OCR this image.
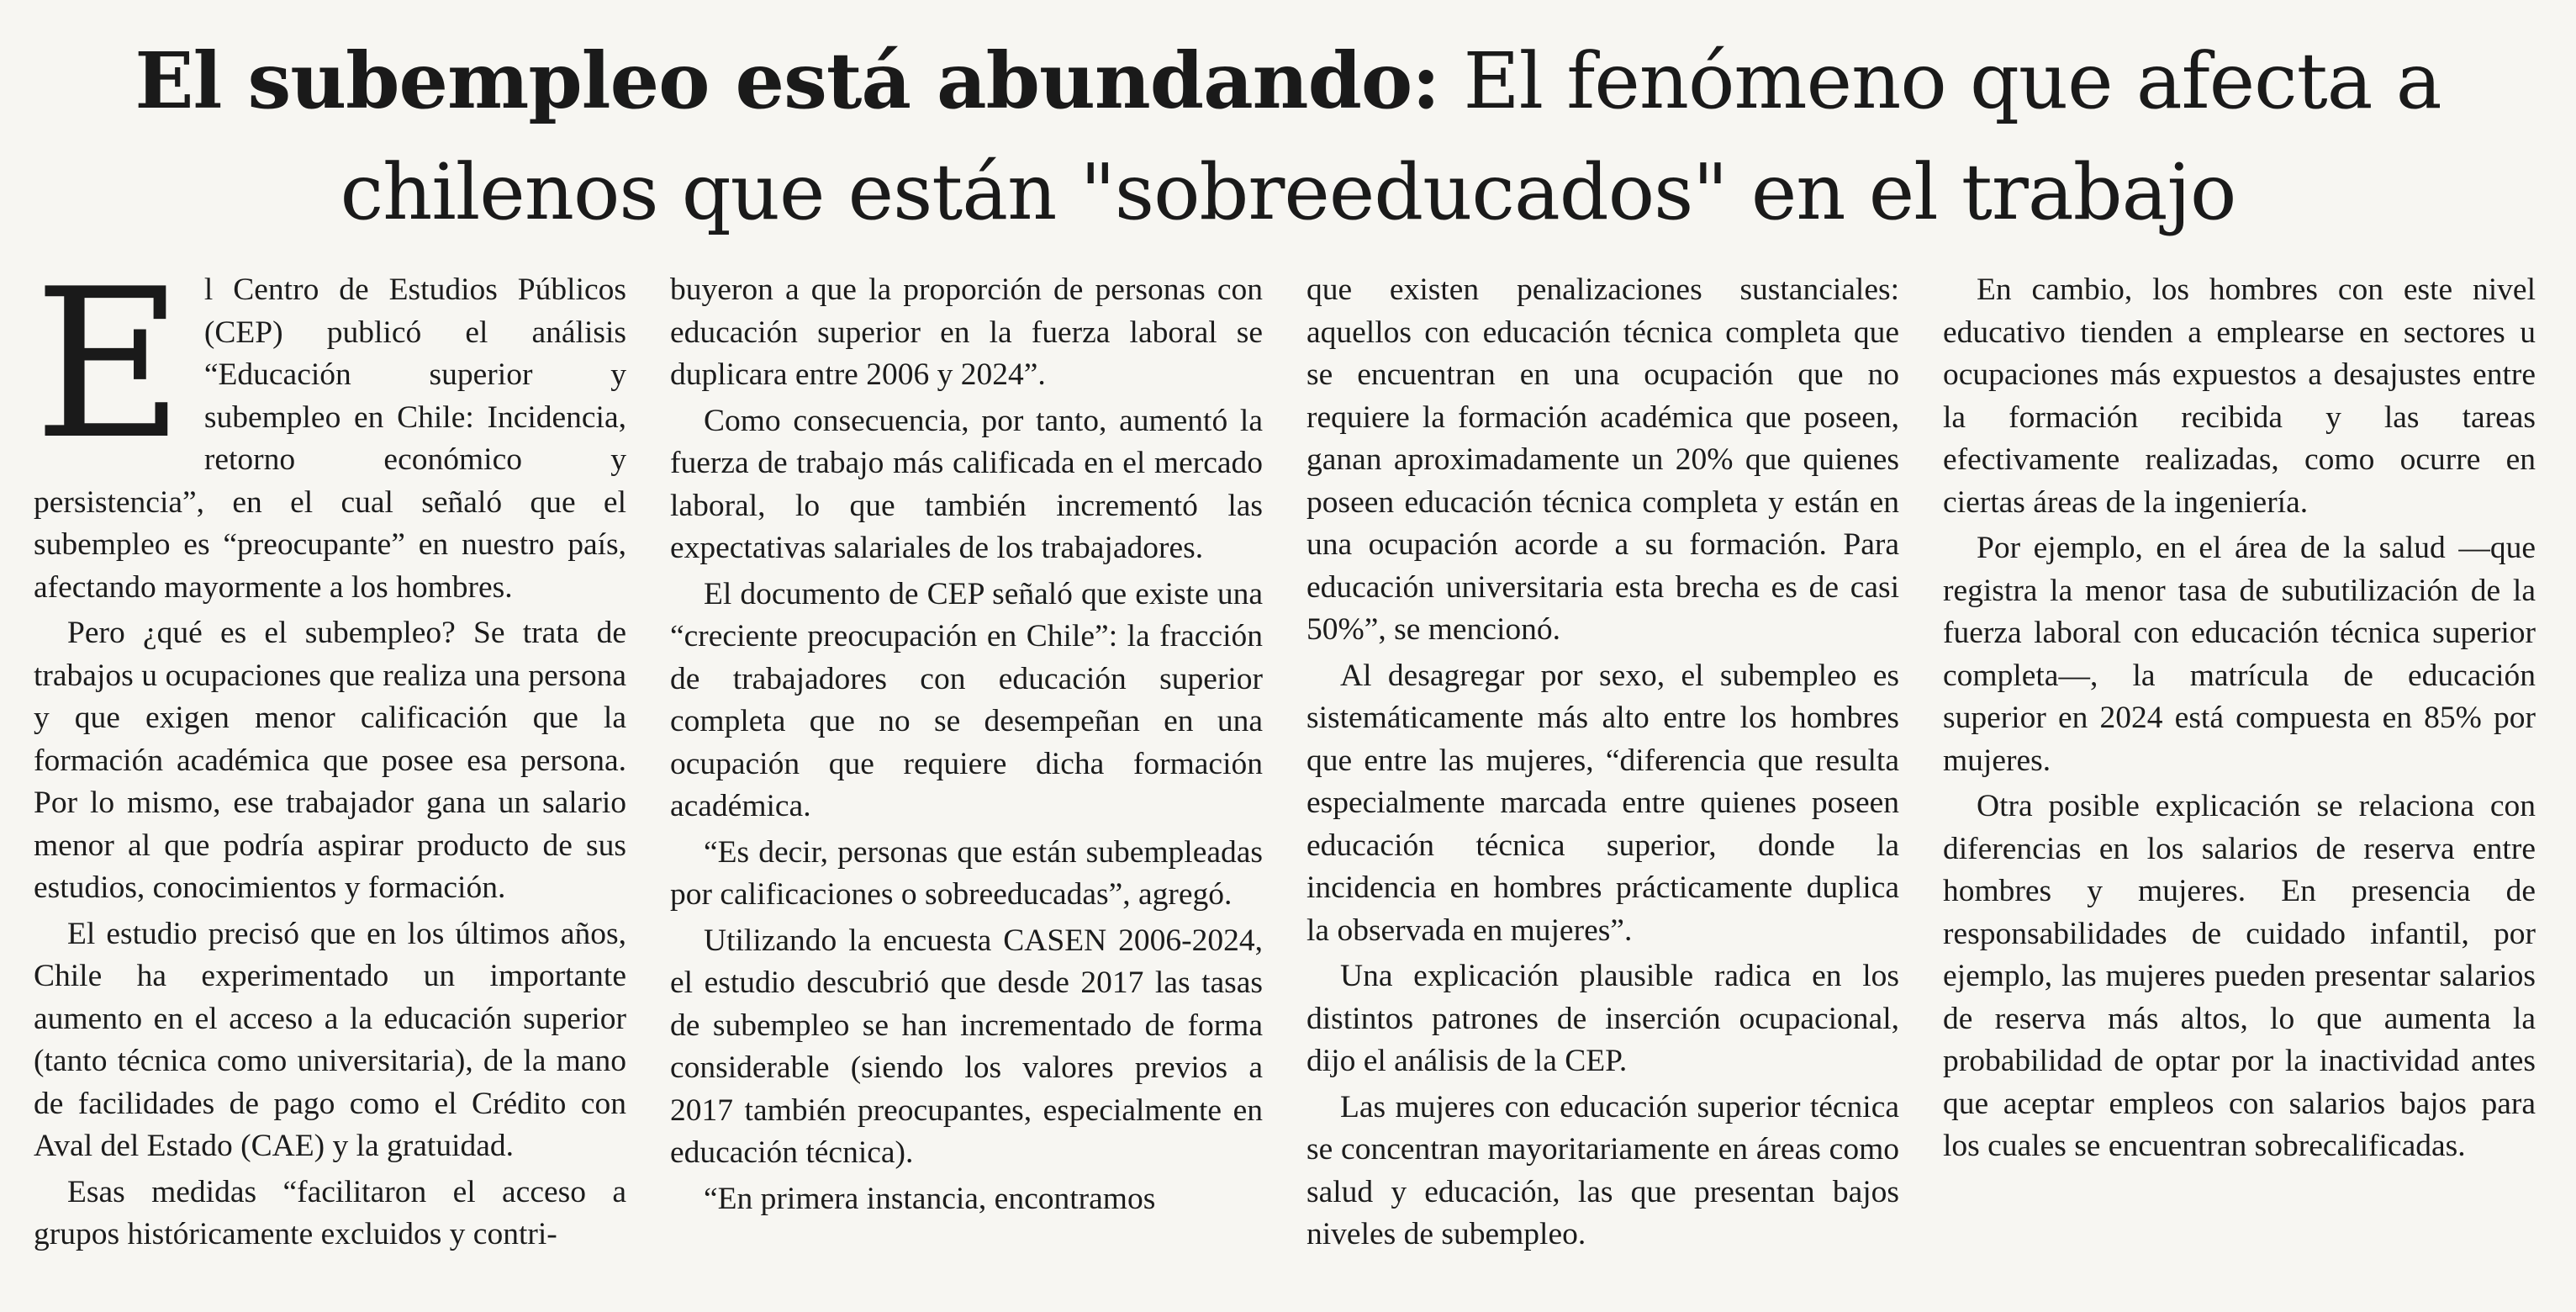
El subempleo está abundando: El fenómeno que afecta a chilenos que están "sobreeducados" en el trabajo
E l Centro de Estudios Públicos (CEP) publicó el análisis “Educación superior y subempleo en Chile: Incidencia, retorno económico y persistencia”, en el cual señaló que el subempleo es “preocupante” en nuestro país, afectando mayormente a los hombres.

Pero ¿qué es el subempleo? Se trata de trabajos u ocupaciones que realiza una persona y que exigen menor calificación que la formación académica que posee esa persona. Por lo mismo, ese trabajador gana un salario menor al que podría aspirar producto de sus estudios, conocimientos y formación.

El estudio precisó que en los últimos años, Chile ha experimentado un importante aumento en el acceso a la educación superior (tanto técnica como universitaria), de la mano de facilidades de pago como el Crédito con Aval del Estado (CAE) y la gratuidad.

Esas medidas “facilitaron el acceso a grupos históricamente excluidos y contri-

buyeron a que la proporción de personas con educación superior en la fuerza laboral se duplicara entre 2006 y 2024”.

Como consecuencia, por tanto, aumentó la fuerza de trabajo más calificada en el mercado laboral, lo que también incrementó las expectativas salariales de los trabajadores.

El documento de CEP señaló que existe una “creciente preocupación en Chile”: la fracción de trabajadores con educación superior completa que no se desempeñan en una ocupación que requiere dicha formación académica.

“Es decir, personas que están subempleadas por calificaciones o sobreeducadas”, agregó.

Utilizando la encuesta CASEN 2006-2024, el estudio descubrió que desde 2017 las tasas de subempleo se han incrementado de forma considerable (siendo los valores previos a 2017 también preocupantes, especialmente en educación técnica).

“En primera instancia, encontramos

que existen penalizaciones sustanciales: aquellos con educación técnica completa que se encuentran en una ocupación que no requiere la formación académica que poseen, ganan aproximadamente un 20% que quienes poseen educación técnica completa y están en una ocupación acorde a su formación. Para educación universitaria esta brecha es de casi 50%”, se mencionó.

Al desagregar por sexo, el subempleo es sistemáticamente más alto entre los hombres que entre las mujeres, “diferencia que resulta especialmente marcada entre quienes poseen educación técnica superior, donde la incidencia en hombres prácticamente duplica la observada en mujeres”.

Una explicación plausible radica en los distintos patrones de inserción ocupacional, dijo el análisis de la CEP.

Las mujeres con educación superior técnica se concentran mayoritariamente en áreas como salud y educación, las que presentan bajos niveles de subempleo.

En cambio, los hombres con este nivel educativo tienden a emplearse en sectores u ocupaciones más expuestos a desajustes entre la formación recibida y las tareas efectivamente realizadas, como ocurre en ciertas áreas de la ingeniería.

Por ejemplo, en el área de la salud —que registra la menor tasa de subutilización de la fuerza laboral con educación técnica superior completa—, la matrícula de educación superior en 2024 está compuesta en 85% por mujeres.

Otra posible explicación se relaciona con diferencias en los salarios de reserva entre hombres y mujeres. En presencia de responsabilidades de cuidado infantil, por ejemplo, las mujeres pueden presentar salarios de reserva más altos, lo que aumenta la probabilidad de optar por la inactividad antes que aceptar empleos con salarios bajos para los cuales se encuentran sobrecalificadas.
